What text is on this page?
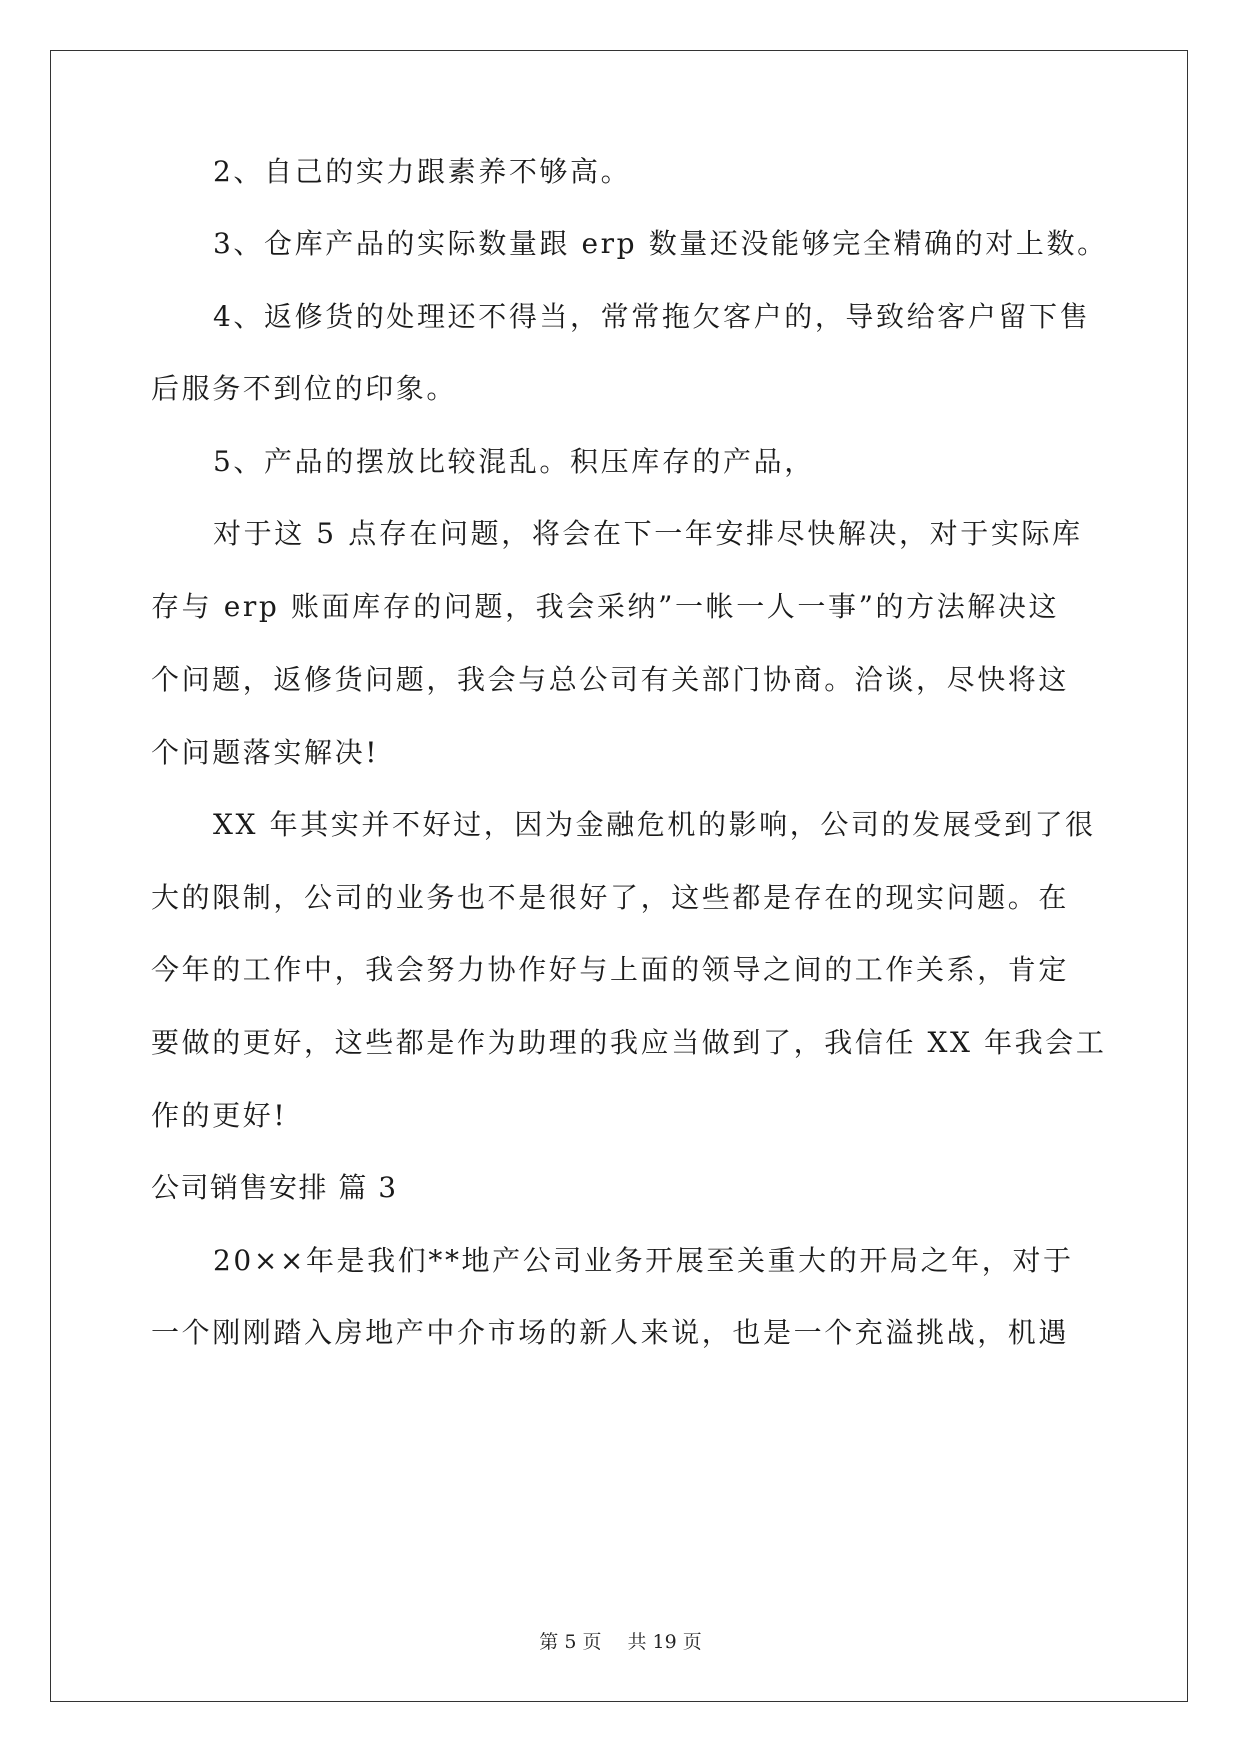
2、自己的实力跟素养不够高。
3、仓库产品的实际数量跟 erp 数量还没能够完全精确的对上数。
4、返修货的处理还不得当，常常拖欠客户的，导致给客户留下售
后服务不到位的印象。
5、产品的摆放比较混乱。积压库存的产品，
对于这 5 点存在问题，将会在下一年安排尽快解决，对于实际库
存与 erp 账面库存的问题，我会采纳”一帐一人一事”的方法解决这
个问题，返修货问题，我会与总公司有关部门协商。洽谈，尽快将这
个问题落实解决!
XX 年其实并不好过，因为金融危机的影响，公司的发展受到了很
大的限制，公司的业务也不是很好了，这些都是存在的现实问题。在
今年的工作中，我会努力协作好与上面的领导之间的工作关系，肯定
要做的更好，这些都是作为助理的我应当做到了，我信任 XX 年我会工
作的更好!
公司销售安排 篇 3
20××年是我们**地产公司业务开展至关重大的开局之年，对于
一个刚刚踏入房地产中介市场的新人来说，也是一个充溢挑战，机遇
第 5 页 共 19 页
